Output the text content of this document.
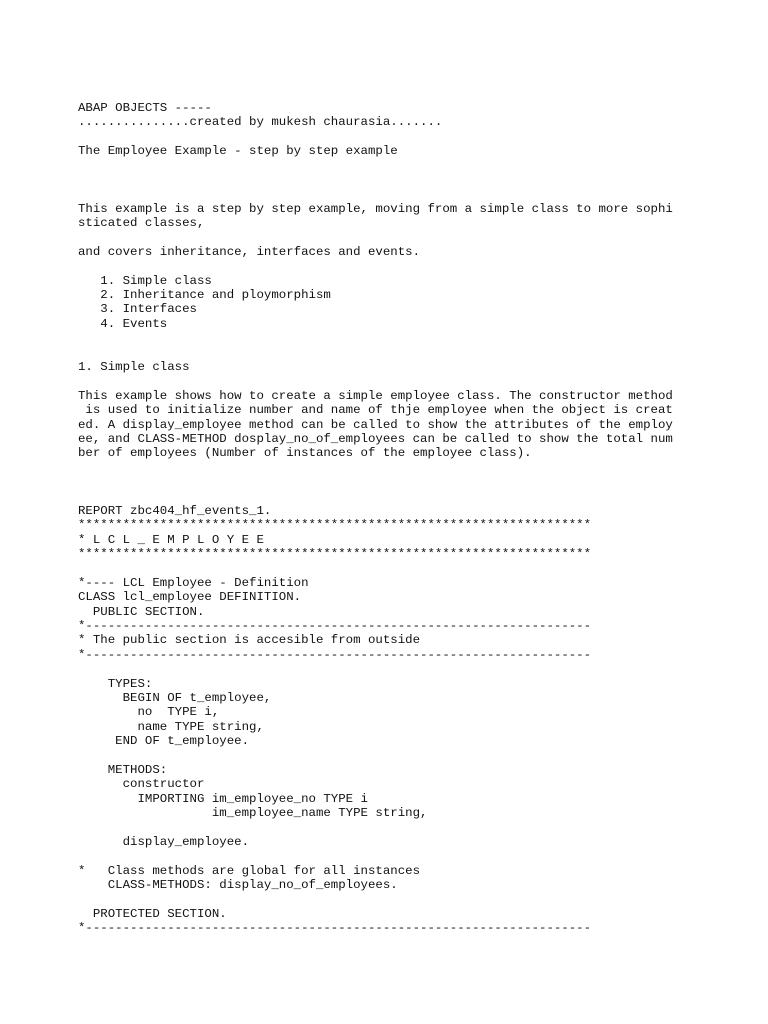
ABAP OBJECTS -----
...............created by mukesh chaurasia.......
The Employee Example - step by step example
This example is a step by step example, moving from a simple class to more sophi
sticated classes,
and covers inheritance, interfaces and events.
1. Simple class
2. Inheritance and ploymorphism
3. Interfaces
4. Events
1. Simple class
This example shows how to create a simple employee class. The constructor method
is used to initialize number and name of thje employee when the object is creat
ed. A display_employee method can be called to show the attributes of the employ
ee, and CLASS-METHOD dosplay_no_of_employees can be called to show the total num
ber of employees (Number of instances of the employee class).
REPORT zbc404_hf_events_1.
*********************************************************************
* L C L _ E M P L O Y E E
*********************************************************************
*---- LCL Employee - Definition
CLASS lcl_employee DEFINITION.
PUBLIC SECTION.
*--------------------------------------------------------------------
* The public section is accesible from outside
*--------------------------------------------------------------------
TYPES:
BEGIN OF t_employee,
no  TYPE i,
name TYPE string,
END OF t_employee.
METHODS:
constructor
IMPORTING im_employee_no TYPE i
im_employee_name TYPE string,
display_employee.
*   Class methods are global for all instances
CLASS-METHODS: display_no_of_employees.
PROTECTED SECTION.
*--------------------------------------------------------------------
